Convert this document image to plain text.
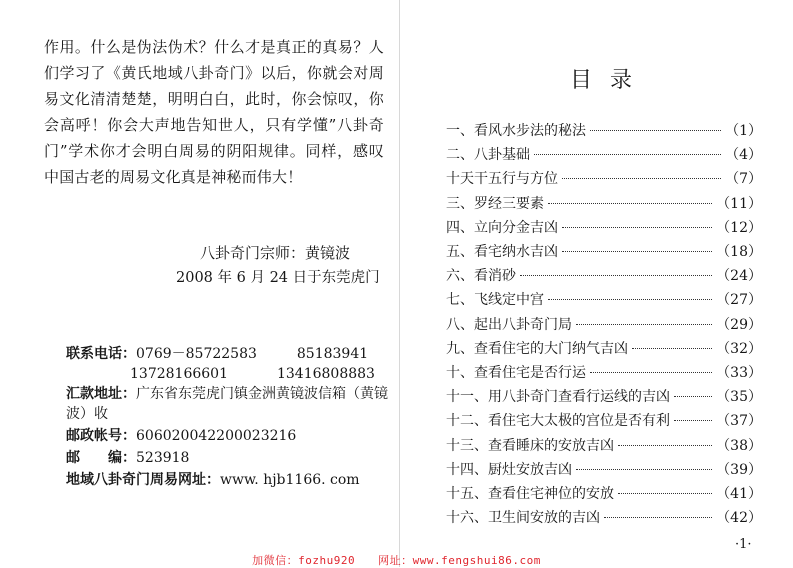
作用。什么是伪法伪术？什么才是真正的真易？人们学习了《黄氏地域八卦奇门》以后，你就会对周易文化清清楚楚，明明白白，此时，你会惊叹，你会高呼！你会大声地告知世人，只有学懂”八卦奇门”学术你才会明白周易的阴阳规律。同样，感叹中国古老的周易文化真是神秘而伟大！

八卦奇门宗师：黄镜波
2008 年 6 月 24 日于东莞虎门
联系电话：0769－85722583	85183941
13728166601	13416808883
汇款地址：广东省东莞虎门镇金洲黄镜波信箱（黄镜
波）收
邮政帐号：606020042200023216
邮　　编：523918
地域八卦奇门周易网址：www. hjb1166. com
目录
一、看风水步法的秘法	（1）
二、八卦基础	（4）
十天干五行与方位	（7）
三、罗经三要素	（11）
四、立向分金吉凶	（12）
五、看宅纳水吉凶	（18）
六、看消砂	（24）
七、飞线定中宫	（27）
八、起出八卦奇门局	（29）
九、查看住宅的大门纳气吉凶	（32）
十、查看住宅是否行运	（33）
十一、用八卦奇门查看行运线的吉凶	（35）
十二、看住宅大太极的宫位是否有利	（37）
十三、查看睡床的安放吉凶	（38）
十四、厨灶安放吉凶	（39）
十五、查看住宅神位的安放	（41）
十六、卫生间安放的吉凶	（42）
·1·
加微信：fozhu920　　网址：www.fengshui86.com
